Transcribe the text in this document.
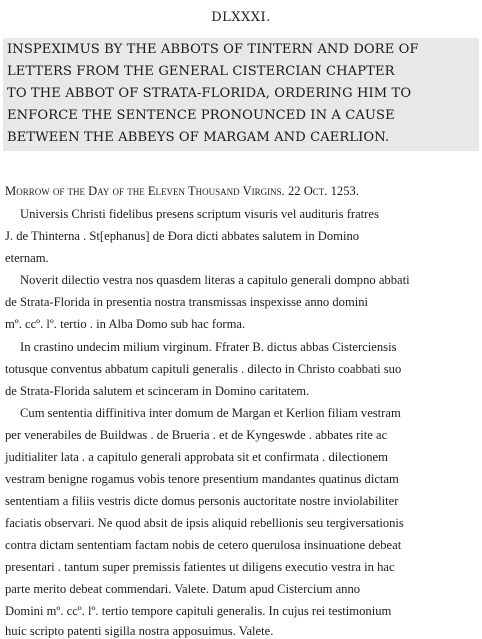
DLXXXI.
INSPEXIMUS BY THE ABBOTS OF TINTERN AND DORE OF
LETTERS FROM THE GENERAL CISTERCIAN CHAPTER
TO THE ABBOT OF STRATA-FLORIDA, ORDERING HIM TO
ENFORCE THE SENTENCE PRONOUNCED IN A CAUSE
BETWEEN THE ABBEYS OF MARGAM AND CAERLION.
Morrow of the Day of the Eleven Thousand Virgins. 22 Oct. 1253.
Universis Christi fidelibus presens scriptum visuris vel audituris fratres
J. de Thinterna . St[ephanus] de Đora dicti abbates salutem in Domino
eternam.
Noverit dilectio vestra nos quasdem literas a capitulo generali dompno abbati
de Strata-Florida in presentia nostra transmissas inspexisse anno domini
mº. ccº. lº. tertio . in Alba Domo sub hac forma.
In crastino undecim milium virginum. Ffrater B. dictus abbas Cisterciensis
totusque conventus abbatum capituli generalis . dilecto in Christo coabbati suo
de Strata-Florida salutem et scinceram in Domino caritatem.
Cum sententia diffinitiva inter domum de Margan et Kerlion filiam vestram
per venerabiles de Buildwas . de Brueria . et de Kyngeswde . abbates rite ac
juditialiter lata . a capitulo generali approbata sit et confirmata . dilectionem
vestram benigne rogamus vobis tenore presentium mandantes quatinus dictam
sententiam a filiis vestris dicte domus personis auctoritate nostre inviolabiliter
faciatis observari. Ne quod absit de ipsis aliquid rebellionis seu tergiversationis
contra dictam sententiam factam nobis de cetero querulosa insinuatione debeat
presentari . tantum super premissis fatientes ut diligens executio vestra in hac
parte merito debeat commendari. Valete. Datum apud Cistercium anno
Domini mº. ccº. lº. tertio tempore capituli generalis. In cujus rei testimonium
huic scripto patenti sigilla nostra apposuimus. Valete.
